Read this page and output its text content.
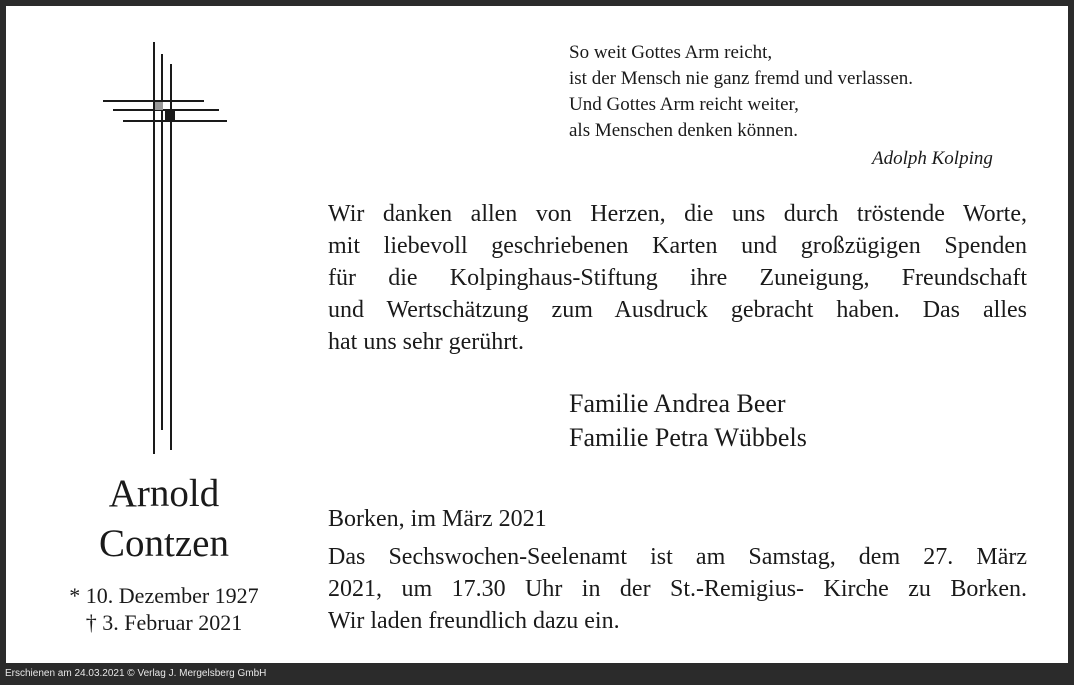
Arnold
Contzen
* 10. Dezember 1927
† 3. Februar 2021
So weit Gottes Arm reicht,
ist der Mensch nie ganz fremd und verlassen.
Und Gottes Arm reicht weiter,
als Menschen denken können.
Adolph Kolping
Wir danken allen von Herzen, die uns durch tröstende Worte,
mit liebevoll geschriebenen Karten und großzügigen Spenden
für die Kolpinghaus-Stiftung ihre Zuneigung, Freundschaft
und Wertschätzung zum Ausdruck gebracht haben. Das alles
hat uns sehr gerührt.
Familie Andrea Beer
Familie Petra Wübbels
Borken, im März 2021
Das Sechswochen-Seelenamt ist am Samstag, dem 27. März
2021, um 17.30 Uhr in der St.-Remigius- Kirche zu Borken.
Wir laden freundlich dazu ein.
Erschienen am 24.03.2021 © Verlag J. Mergelsberg GmbH
